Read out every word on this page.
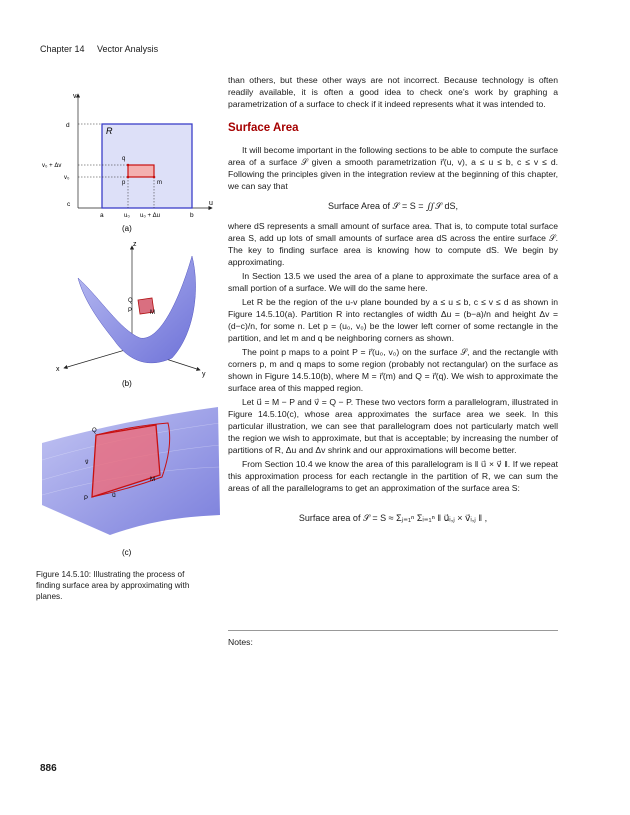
Chapter 14 Vector Analysis
v
u
d
v₀ + Δv
v₀
c
a	u₀ u₀ + Δu	b
R
q
p	m
(a)
z
x
y
Q
P	M
(b)
Q
v⃗
P	u⃗
M
(c)
Figure 14.5.10: Illustrating the process of finding surface area by approximating with planes.

than others, but these other ways are not incorrect. Because technology is often readily available, it is often a good idea to check one’s work by graphing a parametrization of a surface to check if it indeed represents what it was intended to.

Surface Area

It will become important in the following sections to be able to compute the surface area of a surface 𝒮 given a smooth parametrization r⃗(u, v), a ≤ u ≤ b, c ≤ v ≤ d. Following the principles given in the integration review at the beginning of this chapter, we can say that

Surface Area of 𝒮 = S = ∬𝒮 dS,

where dS represents a small amount of surface area. That is, to compute total surface area S, add up lots of small amounts of surface area dS across the entire surface 𝒮. The key to finding surface area is knowing how to compute dS. We begin by approximating.

In Section 13.5 we used the area of a plane to approximate the surface area of a small portion of a surface. We will do the same here.

Let R be the region of the u-v plane bounded by a ≤ u ≤ b, c ≤ v ≤ d as shown in Figure 14.5.10(a). Partition R into rectangles of width Δu = (b−a)/n and height Δv = (d−c)/n, for some n. Let p = (u₀, v₀) be the lower left corner of some rectangle in the partition, and let m and q be neighboring corners as shown.

The point p maps to a point P = r⃗(u₀, v₀) on the surface 𝒮, and the rectangle with corners p, m and q maps to some region (probably not rectangular) on the surface as shown in Figure 14.5.10(b), where M = r⃗(m) and Q = r⃗(q). We wish to approximate the surface area of this mapped region.

Let u⃗ = M − P and v⃗ = Q − P. These two vectors form a parallelogram, illustrated in Figure 14.5.10(c), whose area approximates the surface area we seek. In this particular illustration, we can see that parallelogram does not particularly match well the region we wish to approximate, but that is acceptable; by increasing the number of partitions of R, Δu and Δv shrink and our approximations will become better.

From Section 10.4 we know the area of this parallelogram is ‖ u⃗ × v⃗ ‖. If we repeat this approximation process for each rectangle in the partition of R, we can sum the areas of all the parallelograms to get an approximation of the surface area S:

Surface area of 𝒮 = S ≈ Σⱼ₌₁ⁿ Σᵢ₌₁ⁿ ‖ u⃗ᵢ,ⱼ × v⃗ᵢ,ⱼ ‖ ,
Notes:
886
